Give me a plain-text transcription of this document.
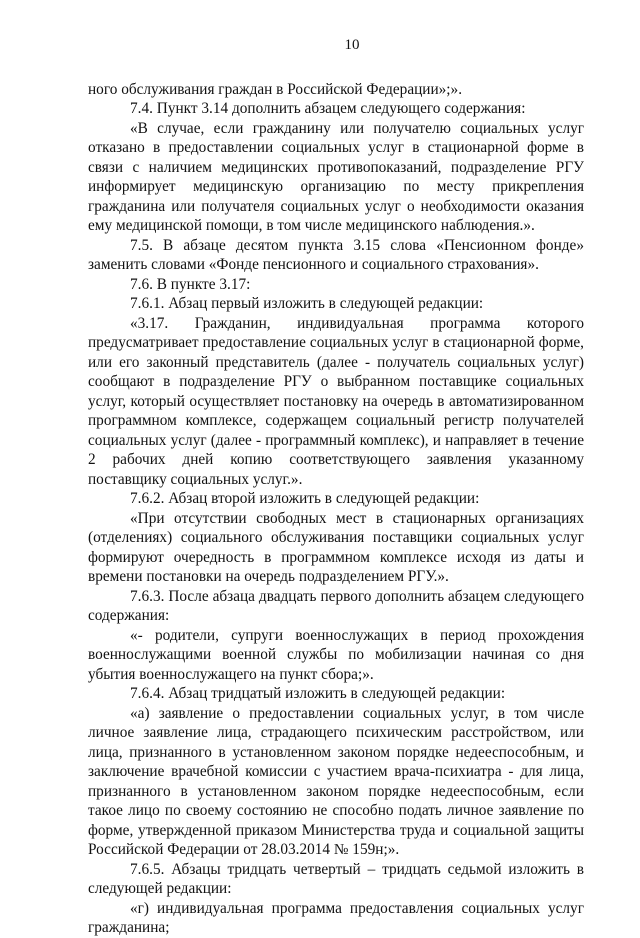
10

ного обслуживания граждан в Российской Федерации»;».

7.4. Пункт 3.14 дополнить абзацем следующего содержания:

«В случае, если гражданину или получателю социальных услуг отказано в предоставлении социальных услуг в стационарной форме в связи с наличием медицинских противопоказаний, подразделение РГУ информирует медицинскую организацию по месту прикрепления гражданина или получателя социальных услуг о необходимости оказания ему медицинской помощи, в том числе медицинского наблюдения.».

7.5. В абзаце десятом пункта 3.15 слова «Пенсионном фонде» заменить словами «Фонде пенсионного и социального страхования».

7.6. В пункте 3.17:

7.6.1. Абзац первый изложить в следующей редакции:

«3.17. Гражданин, индивидуальная программа которого предусматривает предоставление социальных услуг в стационарной форме, или его законный представитель (далее - получатель социальных услуг) сообщают в подразделение РГУ о выбранном поставщике социальных услуг, который осуществляет постановку на очередь в автоматизированном программном комплексе, содержащем социальный регистр получателей социальных услуг (далее - программный комплекс), и направляет в течение 2 рабочих дней копию соответствующего заявления указанному поставщику социальных услуг.».

7.6.2. Абзац второй изложить в следующей редакции:

«При отсутствии свободных мест в стационарных организациях (отделениях) социального обслуживания поставщики социальных услуг формируют очередность в программном комплексе исходя из даты и времени постановки на очередь подразделением РГУ.».

7.6.3. После абзаца двадцать первого дополнить абзацем следующего содержания:

«- родители, супруги военнослужащих в период прохождения военнослужащими военной службы по мобилизации начиная со дня убытия военнослужащего на пункт сбора;».

7.6.4. Абзац тридцатый изложить в следующей редакции:

«а) заявление о предоставлении социальных услуг, в том числе личное заявление лица, страдающего психическим расстройством, или лица, признанного в установленном законом порядке недееспособным, и заключение врачебной комиссии с участием врача-психиатра - для лица, признанного в установленном законом порядке недееспособным, если такое лицо по своему состоянию не способно подать личное заявление по форме, утвержденной приказом Министерства труда и социальной защиты Российской Федерации от 28.03.2014 № 159н;».

7.6.5. Абзацы тридцать четвертый – тридцать седьмой изложить в следующей редакции:

«г) индивидуальная программа предоставления социальных услуг гражданина;
